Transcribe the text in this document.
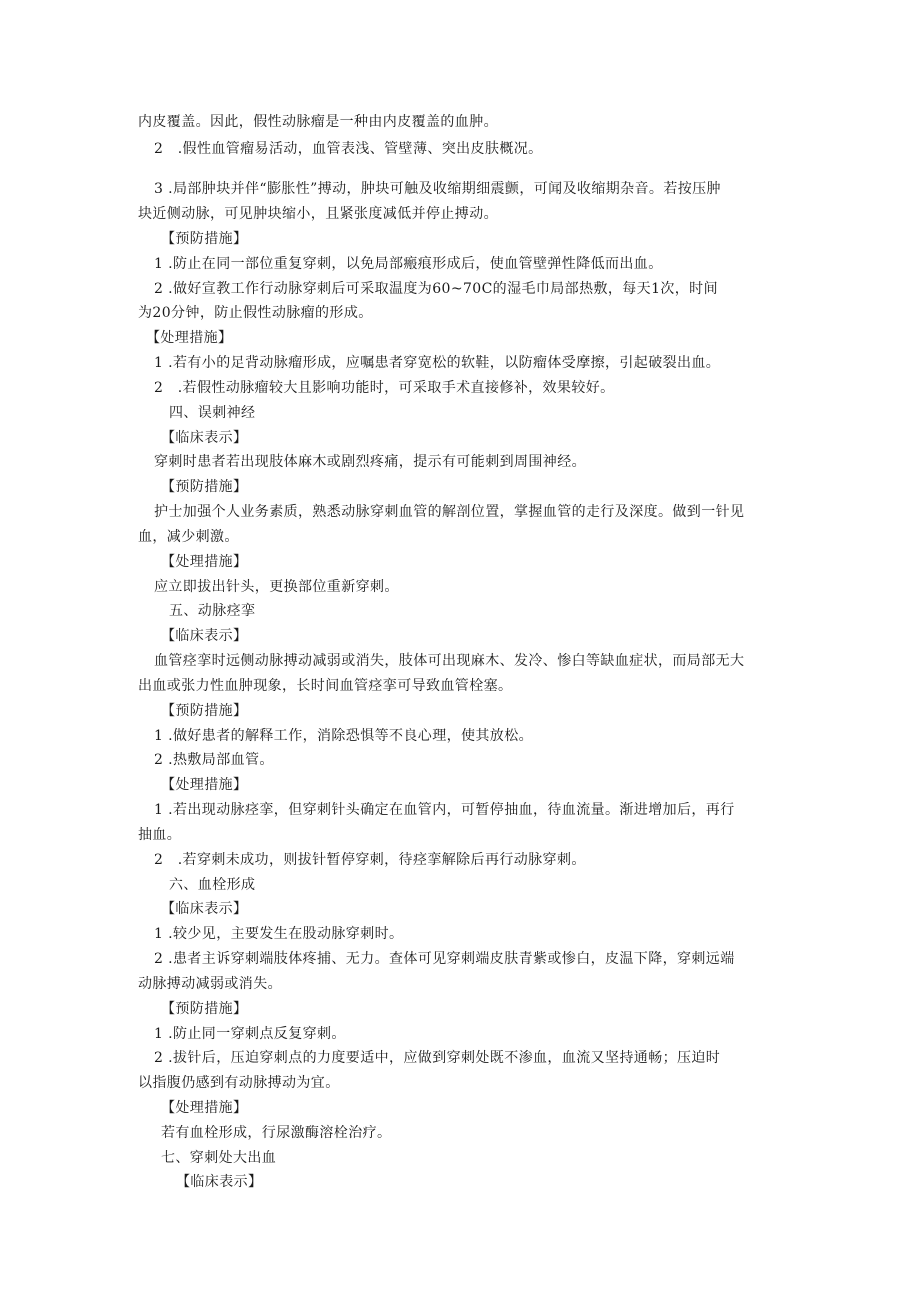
内皮覆盖。因此，假性动脉瘤是一种由内皮覆盖的血肿。
2　.假性血管瘤易活动，血管表浅、管壁薄、突出皮肤概况。
3 .局部肿块并伴“膨胀性”搏动，肿块可触及收缩期细震颤，可闻及收缩期杂音。若按压肿
块近侧动脉，可见肿块缩小，且紧张度减低并停止搏动。
【预防措施】
1 .防止在同一部位重复穿刺，以免局部瘢痕形成后，使血管壁弹性降低而出血。
2 .做好宣教工作行动脉穿刺后可采取温度为60~70C的湿毛巾局部热敷，每天1次，时间
为20分钟，防止假性动脉瘤的形成。
【处理措施】
1 .若有小的足背动脉瘤形成，应嘱患者穿宽松的软鞋，以防瘤体受摩擦，引起破裂出血。
2　.若假性动脉瘤较大且影响功能时，可采取手术直接修补，效果较好。
四、误刺神经
【临床表示】
穿刺时患者若出现肢体麻木或剧烈疼痛，提示有可能刺到周围神经。
【预防措施】
护士加强个人业务素质，熟悉动脉穿刺血管的解剖位置，掌握血管的走行及深度。做到一针见
血，减少刺激。
【处理措施】
应立即拔出针头，更换部位重新穿刺。
五、动脉痉挛
【临床表示】
血管痉挛时远侧动脉搏动减弱或消失，肢体可出现麻木、发冷、惨白等缺血症状，而局部无大
出血或张力性血肿现象，长时间血管痉挛可导致血管栓塞。
【预防措施】
1 .做好患者的解释工作，消除恐惧等不良心理，使其放松。
2 .热敷局部血管。
【处理措施】
1 .若出现动脉痉挛，但穿刺针头确定在血管内，可暂停抽血，待血流量。渐进增加后，再行
抽血。
2　.若穿刺未成功，则拔针暂停穿刺，待痉挛解除后再行动脉穿刺。
六、血栓形成
【临床表示】
1 .较少见，主要发生在股动脉穿刺时。
2 .患者主诉穿刺端肢体疼捕、无力。查体可见穿刺端皮肤青紫或惨白，皮温下降，穿刺远端
动脉搏动减弱或消失。
【预防措施】
1 .防止同一穿刺点反复穿刺。
2 .拔针后，压迫穿刺点的力度要适中，应做到穿刺处既不渗血，血流又坚持通畅；压迫时
以指腹仍感到有动脉搏动为宜。
【处理措施】
若有血栓形成，行尿激酶溶栓治疗。
七、穿刺处大出血
【临床表示】
